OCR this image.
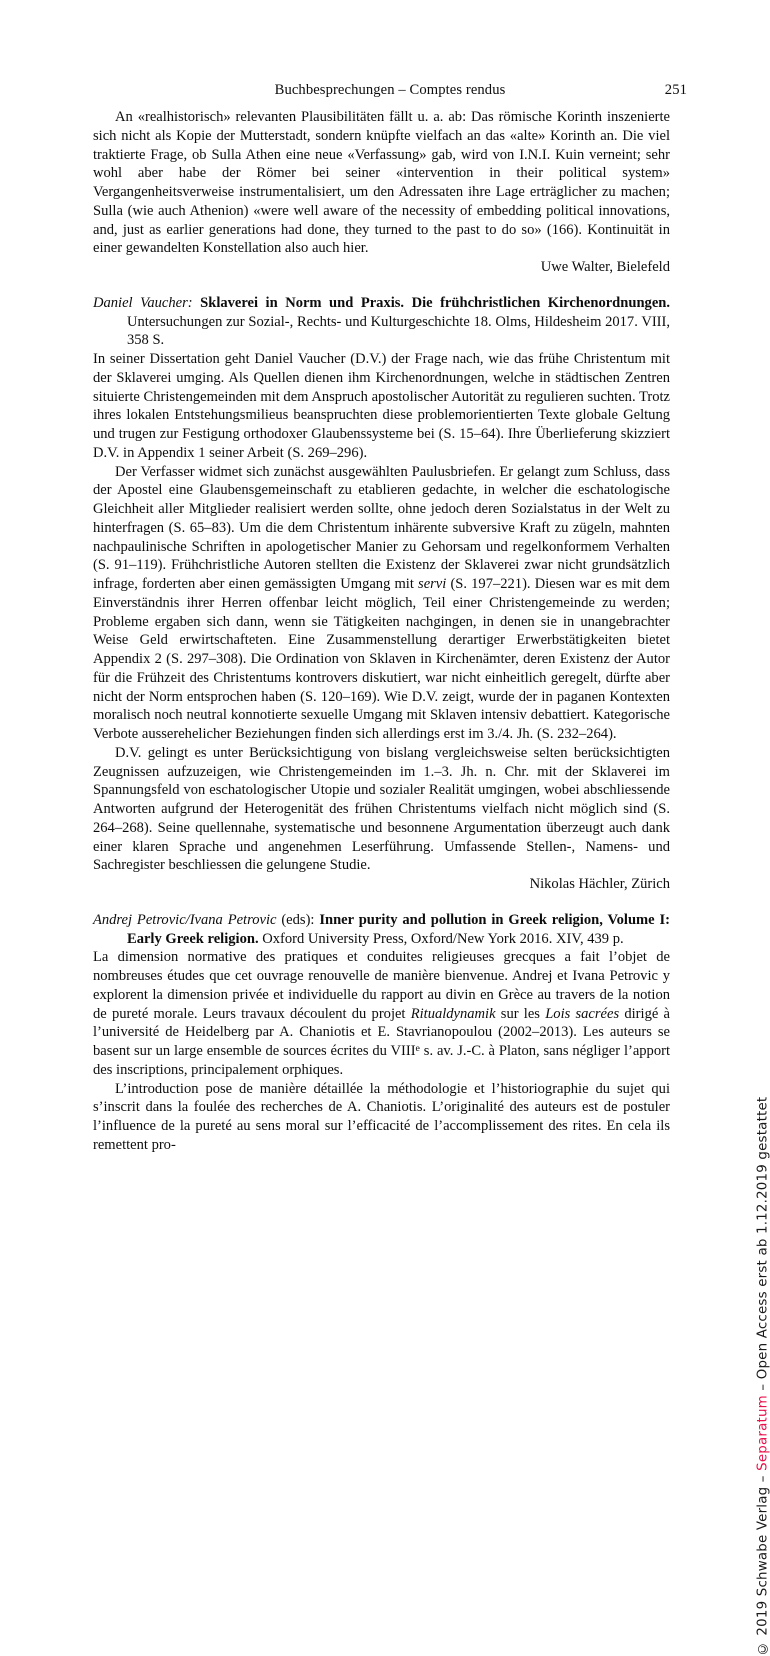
Buchbesprechungen – Comptes rendus	251

An «realhistorisch» relevanten Plausibilitäten fällt u. a. ab: Das römische Korinth inszenierte sich nicht als Kopie der Mutterstadt, sondern knüpfte vielfach an das «alte» Korinth an. Die viel traktierte Frage, ob Sulla Athen eine neue «Verfassung» gab, wird von I.N.I. Kuin verneint; sehr wohl aber habe der Römer bei seiner «intervention in their political system» Vergangenheitsverweise instrumentalisiert, um den Adressaten ihre Lage erträglicher zu machen; Sulla (wie auch Athenion) «were well aware of the necessity of embedding political innovations, and, just as earlier generations had done, they turned to the past to do so» (166). Kontinuität in einer gewandelten Konstellation also auch hier.

Uwe Walter, Bielefeld

Daniel Vaucher: Sklaverei in Norm und Praxis. Die frühchristlichen Kirchenordnungen. Untersuchungen zur Sozial-, Rechts- und Kulturgeschichte 18. Olms, Hildesheim 2017. VIII, 358 S.

In seiner Dissertation geht Daniel Vaucher (D.V.) der Frage nach, wie das frühe Christentum mit der Sklaverei umging. Als Quellen dienen ihm Kirchenordnungen, welche in städtischen Zentren situierte Christengemeinden mit dem Anspruch apostolischer Autorität zu regulieren suchten. Trotz ihres lokalen Entstehungsmilieus beanspruchten diese problemorientierten Texte globale Geltung und trugen zur Festigung orthodoxer Glaubenssysteme bei (S. 15–64). Ihre Überlieferung skizziert D.V. in Appendix 1 seiner Arbeit (S. 269–296).

Der Verfasser widmet sich zunächst ausgewählten Paulusbriefen. Er gelangt zum Schluss, dass der Apostel eine Glaubensgemeinschaft zu etablieren gedachte, in welcher die eschatologische Gleichheit aller Mitglieder realisiert werden sollte, ohne jedoch deren Sozialstatus in der Welt zu hinterfragen (S. 65–83). Um die dem Christentum inhärente subversive Kraft zu zügeln, mahnten nachpaulinische Schriften in apologetischer Manier zu Gehorsam und regelkonformem Verhalten (S. 91–119). Frühchristliche Autoren stellten die Existenz der Sklaverei zwar nicht grundsätzlich infrage, forderten aber einen gemässigten Umgang mit servi (S. 197–221). Diesen war es mit dem Einverständnis ihrer Herren offenbar leicht möglich, Teil einer Christengemeinde zu werden; Probleme ergaben sich dann, wenn sie Tätigkeiten nachgingen, in denen sie in unangebrachter Weise Geld erwirtschafteten. Eine Zusammenstellung derartiger Erwerbstätigkeiten bietet Appendix 2 (S. 297–308). Die Ordination von Sklaven in Kirchenämter, deren Existenz der Autor für die Frühzeit des Christentums kontrovers diskutiert, war nicht einheitlich geregelt, dürfte aber nicht der Norm entsprochen haben (S. 120–169). Wie D.V. zeigt, wurde der in paganen Kontexten moralisch noch neutral konnotierte sexuelle Umgang mit Sklaven intensiv debattiert. Kategorische Verbote ausserehelicher Beziehungen finden sich allerdings erst im 3./4. Jh. (S. 232–264).

D.V. gelingt es unter Berücksichtigung von bislang vergleichsweise selten berücksichtigten Zeugnissen aufzuzeigen, wie Christengemeinden im 1.–3. Jh. n. Chr. mit der Sklaverei im Spannungsfeld von eschatologischer Utopie und sozialer Realität umgingen, wobei abschliessende Antworten aufgrund der Heterogenität des frühen Christentums vielfach nicht möglich sind (S. 264–268). Seine quellennahe, systematische und besonnene Argumentation überzeugt auch dank einer klaren Sprache und angenehmen Leserführung. Umfassende Stellen-, Namens- und Sachregister beschliessen die gelungene Studie.
Nikolas Hächler, Zürich

Andrej Petrovic/Ivana Petrovic (eds): Inner purity and pollution in Greek religion, Volume I: Early Greek religion. Oxford University Press, Oxford/New York 2016. XIV, 439 p.

La dimension normative des pratiques et conduites religieuses grecques a fait l’objet de nombreuses études que cet ouvrage renouvelle de manière bienvenue. Andrej et Ivana Petrovic y explorent la dimension privée et individuelle du rapport au divin en Grèce au travers de la notion de pureté morale. Leurs travaux découlent du projet Ritualdynamik sur les Lois sacrées dirigé à l’université de Heidelberg par A. Chaniotis et E. Stavrianopoulou (2002–2013). Les auteurs se basent sur un large ensemble de sources écrites du VIIIe s. av. J.-C. à Platon, sans négliger l’apport des inscriptions, principalement orphiques.

L’introduction pose de manière détaillée la méthodologie et l’historiographie du sujet qui s’inscrit dans la foulée des recherches de A. Chaniotis. L’originalité des auteurs est de postuler l’influence de la pureté au sens moral sur l’efficacité de l’accomplissement des rites. En cela ils remettent pro-

© 2019 Schwabe Verlag – Separatum – Open Access erst ab 1.12.2019 gestattet
